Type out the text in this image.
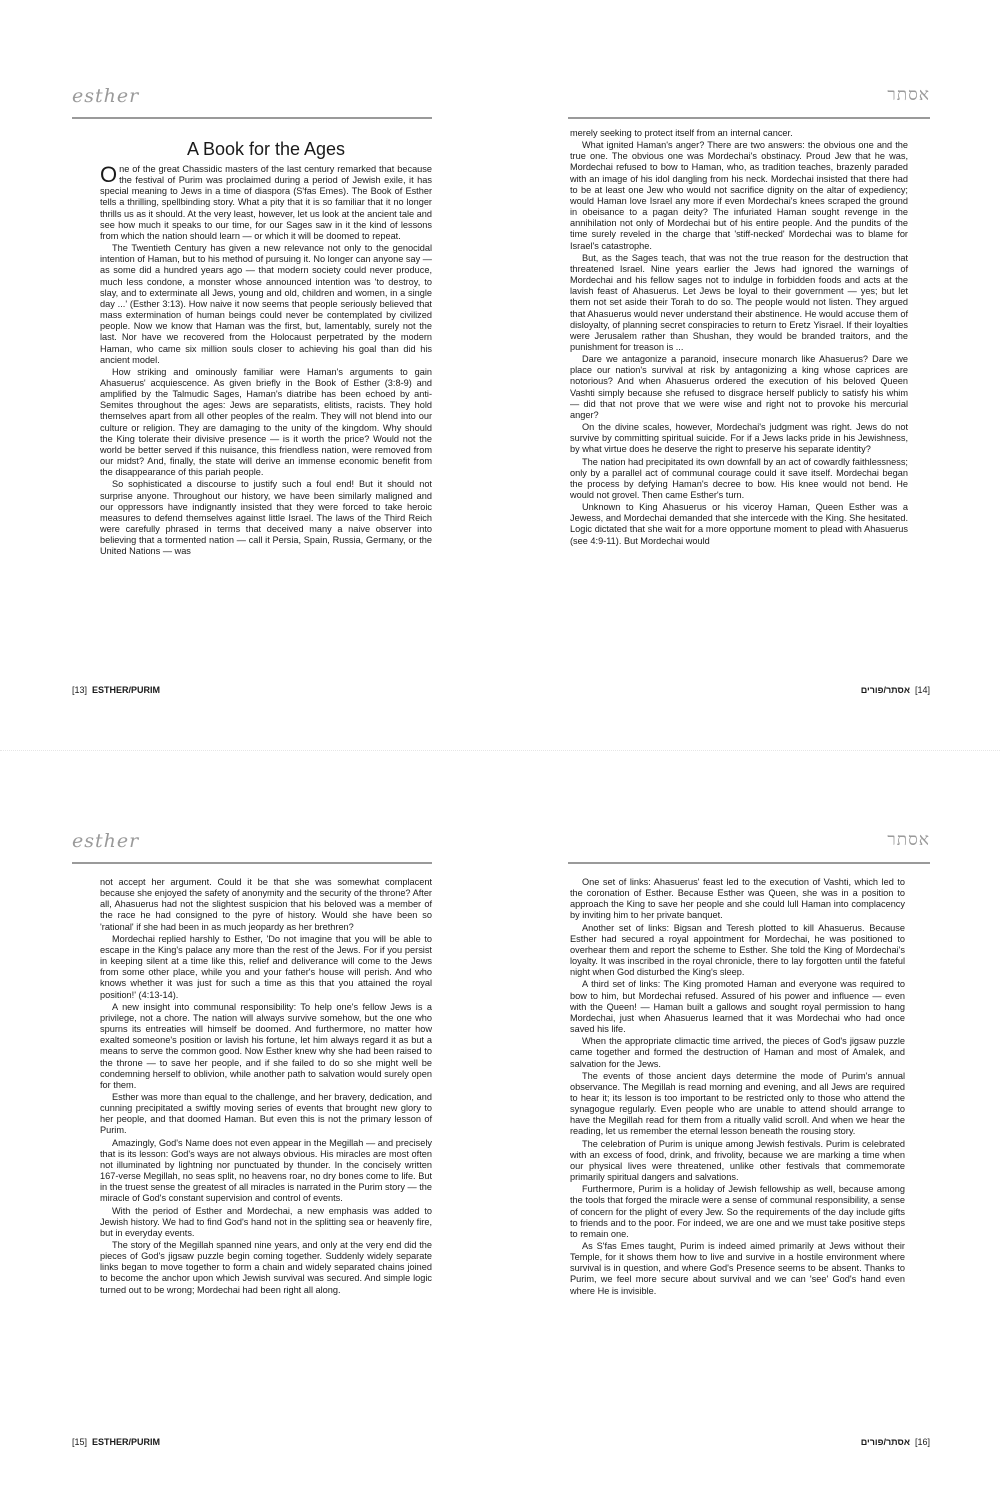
esther
A Book for the Ages

One of the great Chassidic masters of the last century remarked that because the festival of Purim was proclaimed during a period of Jewish exile, it has special meaning to Jews in a time of diaspora (S'fas Emes). The Book of Esther tells a thrilling, spellbinding story. What a pity that it is so familiar that it no longer thrills us as it should. At the very least, however, let us look at the ancient tale and see how much it speaks to our time, for our Sages saw in it the kind of lessons from which the nation should learn — or which it will be doomed to repeat.

The Twentieth Century has given a new relevance not only to the genocidal intention of Haman, but to his method of pursuing it. No longer can anyone say — as some did a hundred years ago — that modern society could never produce, much less condone, a monster whose announced intention was 'to destroy, to slay, and to exterminate all Jews, young and old, children and women, in a single day ...' (Esther 3:13). How naive it now seems that people seriously believed that mass extermination of human beings could never be contemplated by civilized people. Now we know that Haman was the first, but, lamentably, surely not the last. Nor have we recovered from the Holocaust perpetrated by the modern Haman, who came six million souls closer to achieving his goal than did his ancient model.

How striking and ominously familiar were Haman's arguments to gain Ahasuerus' acquiescence. As given briefly in the Book of Esther (3:8-9) and amplified by the Talmudic Sages, Haman's diatribe has been echoed by anti-Semites throughout the ages: Jews are separatists, elitists, racists. They hold themselves apart from all other peoples of the realm. They will not blend into our culture or religion. They are damaging to the unity of the kingdom. Why should the King tolerate their divisive presence — is it worth the price? Would not the world be better served if this nuisance, this friendless nation, were removed from our midst? And, finally, the state will derive an immense economic benefit from the disappearance of this pariah people.

So sophisticated a discourse to justify such a foul end! But it should not surprise anyone. Throughout our history, we have been similarly maligned and our oppressors have indignantly insisted that they were forced to take heroic measures to defend themselves against little Israel. The laws of the Third Reich were carefully phrased in terms that deceived many a naive observer into believing that a tormented nation — call it Persia, Spain, Russia, Germany, or the United Nations — was

[13] ESTHER/PURIM
אסתר

merely seeking to protect itself from an internal cancer.

What ignited Haman's anger? There are two answers: the obvious one and the true one. The obvious one was Mordechai's obstinacy. Proud Jew that he was, Mordechai refused to bow to Haman, who, as tradition teaches, brazenly paraded with an image of his idol dangling from his neck. Mordechai insisted that there had to be at least one Jew who would not sacrifice dignity on the altar of expediency; would Haman love Israel any more if even Mordechai's knees scraped the ground in obeisance to a pagan deity? The infuriated Haman sought revenge in the annihilation not only of Mordechai but of his entire people. And the pundits of the time surely reveled in the charge that 'stiff-necked' Mordechai was to blame for Israel's catastrophe.

But, as the Sages teach, that was not the true reason for the destruction that threatened Israel. Nine years earlier the Jews had ignored the warnings of Mordechai and his fellow sages not to indulge in forbidden foods and acts at the lavish feast of Ahasuerus. Let Jews be loyal to their government — yes; but let them not set aside their Torah to do so. The people would not listen. They argued that Ahasuerus would never understand their abstinence. He would accuse them of disloyalty, of planning secret conspiracies to return to Eretz Yisrael. If their loyalties were Jerusalem rather than Shushan, they would be branded traitors, and the punishment for treason is ...

Dare we antagonize a paranoid, insecure monarch like Ahasuerus? Dare we place our nation's survival at risk by antagonizing a king whose caprices are notorious? And when Ahasuerus ordered the execution of his beloved Queen Vashti simply because she refused to disgrace herself publicly to satisfy his whim — did that not prove that we were wise and right not to provoke his mercurial anger?

On the divine scales, however, Mordechai's judgment was right. Jews do not survive by committing spiritual suicide. For if a Jews lacks pride in his Jewishness, by what virtue does he deserve the right to preserve his separate identity?

The nation had precipitated its own downfall by an act of cowardly faithlessness; only by a parallel act of communal courage could it save itself. Mordechai began the process by defying Haman's decree to bow. His knee would not bend. He would not grovel. Then came Esther's turn.

Unknown to King Ahasuerus or his viceroy Haman, Queen Esther was a Jewess, and Mordechai demanded that she intercede with the King. She hesitated. Logic dictated that she wait for a more opportune moment to plead with Ahasuerus (see 4:9-11). But Mordechai would

אסתר/פורים [14]
esther

not accept her argument. Could it be that she was somewhat complacent because she enjoyed the safety of anonymity and the security of the throne? After all, Ahasuerus had not the slightest suspicion that his beloved was a member of the race he had consigned to the pyre of history. Would she have been so 'rational' if she had been in as much jeopardy as her brethren?

Mordechai replied harshly to Esther, 'Do not imagine that you will be able to escape in the King's palace any more than the rest of the Jews. For if you persist in keeping silent at a time like this, relief and deliverance will come to the Jews from some other place, while you and your father's house will perish. And who knows whether it was just for such a time as this that you attained the royal position!' (4:13-14).

A new insight into communal responsibility: To help one's fellow Jews is a privilege, not a chore. The nation will always survive somehow, but the one who spurns its entreaties will himself be doomed. And furthermore, no matter how exalted someone's position or lavish his fortune, let him always regard it as but a means to serve the common good. Now Esther knew why she had been raised to the throne — to save her people, and if she failed to do so she might well be condemning herself to oblivion, while another path to salvation would surely open for them.

Esther was more than equal to the challenge, and her bravery, dedication, and cunning precipitated a swiftly moving series of events that brought new glory to her people, and that doomed Haman. But even this is not the primary lesson of Purim.

Amazingly, God's Name does not even appear in the Megillah — and precisely that is its lesson: God's ways are not always obvious. His miracles are most often not illuminated by lightning nor punctuated by thunder. In the concisely written 167-verse Megillah, no seas split, no heavens roar, no dry bones come to life. But in the truest sense the greatest of all miracles is narrated in the Purim story — the miracle of God's constant supervision and control of events.

With the period of Esther and Mordechai, a new emphasis was added to Jewish history. We had to find God's hand not in the splitting sea or heavenly fire, but in everyday events.

The story of the Megillah spanned nine years, and only at the very end did the pieces of God's jigsaw puzzle begin coming together. Suddenly widely separate links began to move together to form a chain and widely separated chains joined to become the anchor upon which Jewish survival was secured. And simple logic turned out to be wrong; Mordechai had been right all along.

[15] ESTHER/PURIM
אסתר

One set of links: Ahasuerus' feast led to the execution of Vashti, which led to the coronation of Esther. Because Esther was Queen, she was in a position to approach the King to save her people and she could lull Haman into complacency by inviting him to her private banquet.

Another set of links: Bigsan and Teresh plotted to kill Ahasuerus. Because Esther had secured a royal appointment for Mordechai, he was positioned to overhear them and report the scheme to Esther. She told the King of Mordechai's loyalty. It was inscribed in the royal chronicle, there to lay forgotten until the fateful night when God disturbed the King's sleep.

A third set of links: The King promoted Haman and everyone was required to bow to him, but Mordechai refused. Assured of his power and influence — even with the Queen! — Haman built a gallows and sought royal permission to hang Mordechai, just when Ahasuerus learned that it was Mordechai who had once saved his life.

When the appropriate climactic time arrived, the pieces of God's jigsaw puzzle came together and formed the destruction of Haman and most of Amalek, and salvation for the Jews.

The events of those ancient days determine the mode of Purim's annual observance. The Megillah is read morning and evening, and all Jews are required to hear it; its lesson is too important to be restricted only to those who attend the synagogue regularly. Even people who are unable to attend should arrange to have the Megillah read for them from a ritually valid scroll. And when we hear the reading, let us remember the eternal lesson beneath the rousing story.

The celebration of Purim is unique among Jewish festivals. Purim is celebrated with an excess of food, drink, and frivolity, because we are marking a time when our physical lives were threatened, unlike other festivals that commemorate primarily spiritual dangers and salvations.

Furthermore, Purim is a holiday of Jewish fellowship as well, because among the tools that forged the miracle were a sense of communal responsibility, a sense of concern for the plight of every Jew. So the requirements of the day include gifts to friends and to the poor. For indeed, we are one and we must take positive steps to remain one.

As S'fas Emes taught, Purim is indeed aimed primarily at Jews without their Temple, for it shows them how to live and survive in a hostile environment where survival is in question, and where God's Presence seems to be absent. Thanks to Purim, we feel more secure about survival and we can 'see' God's hand even where He is invisible.

אסתר/פורים [16]
